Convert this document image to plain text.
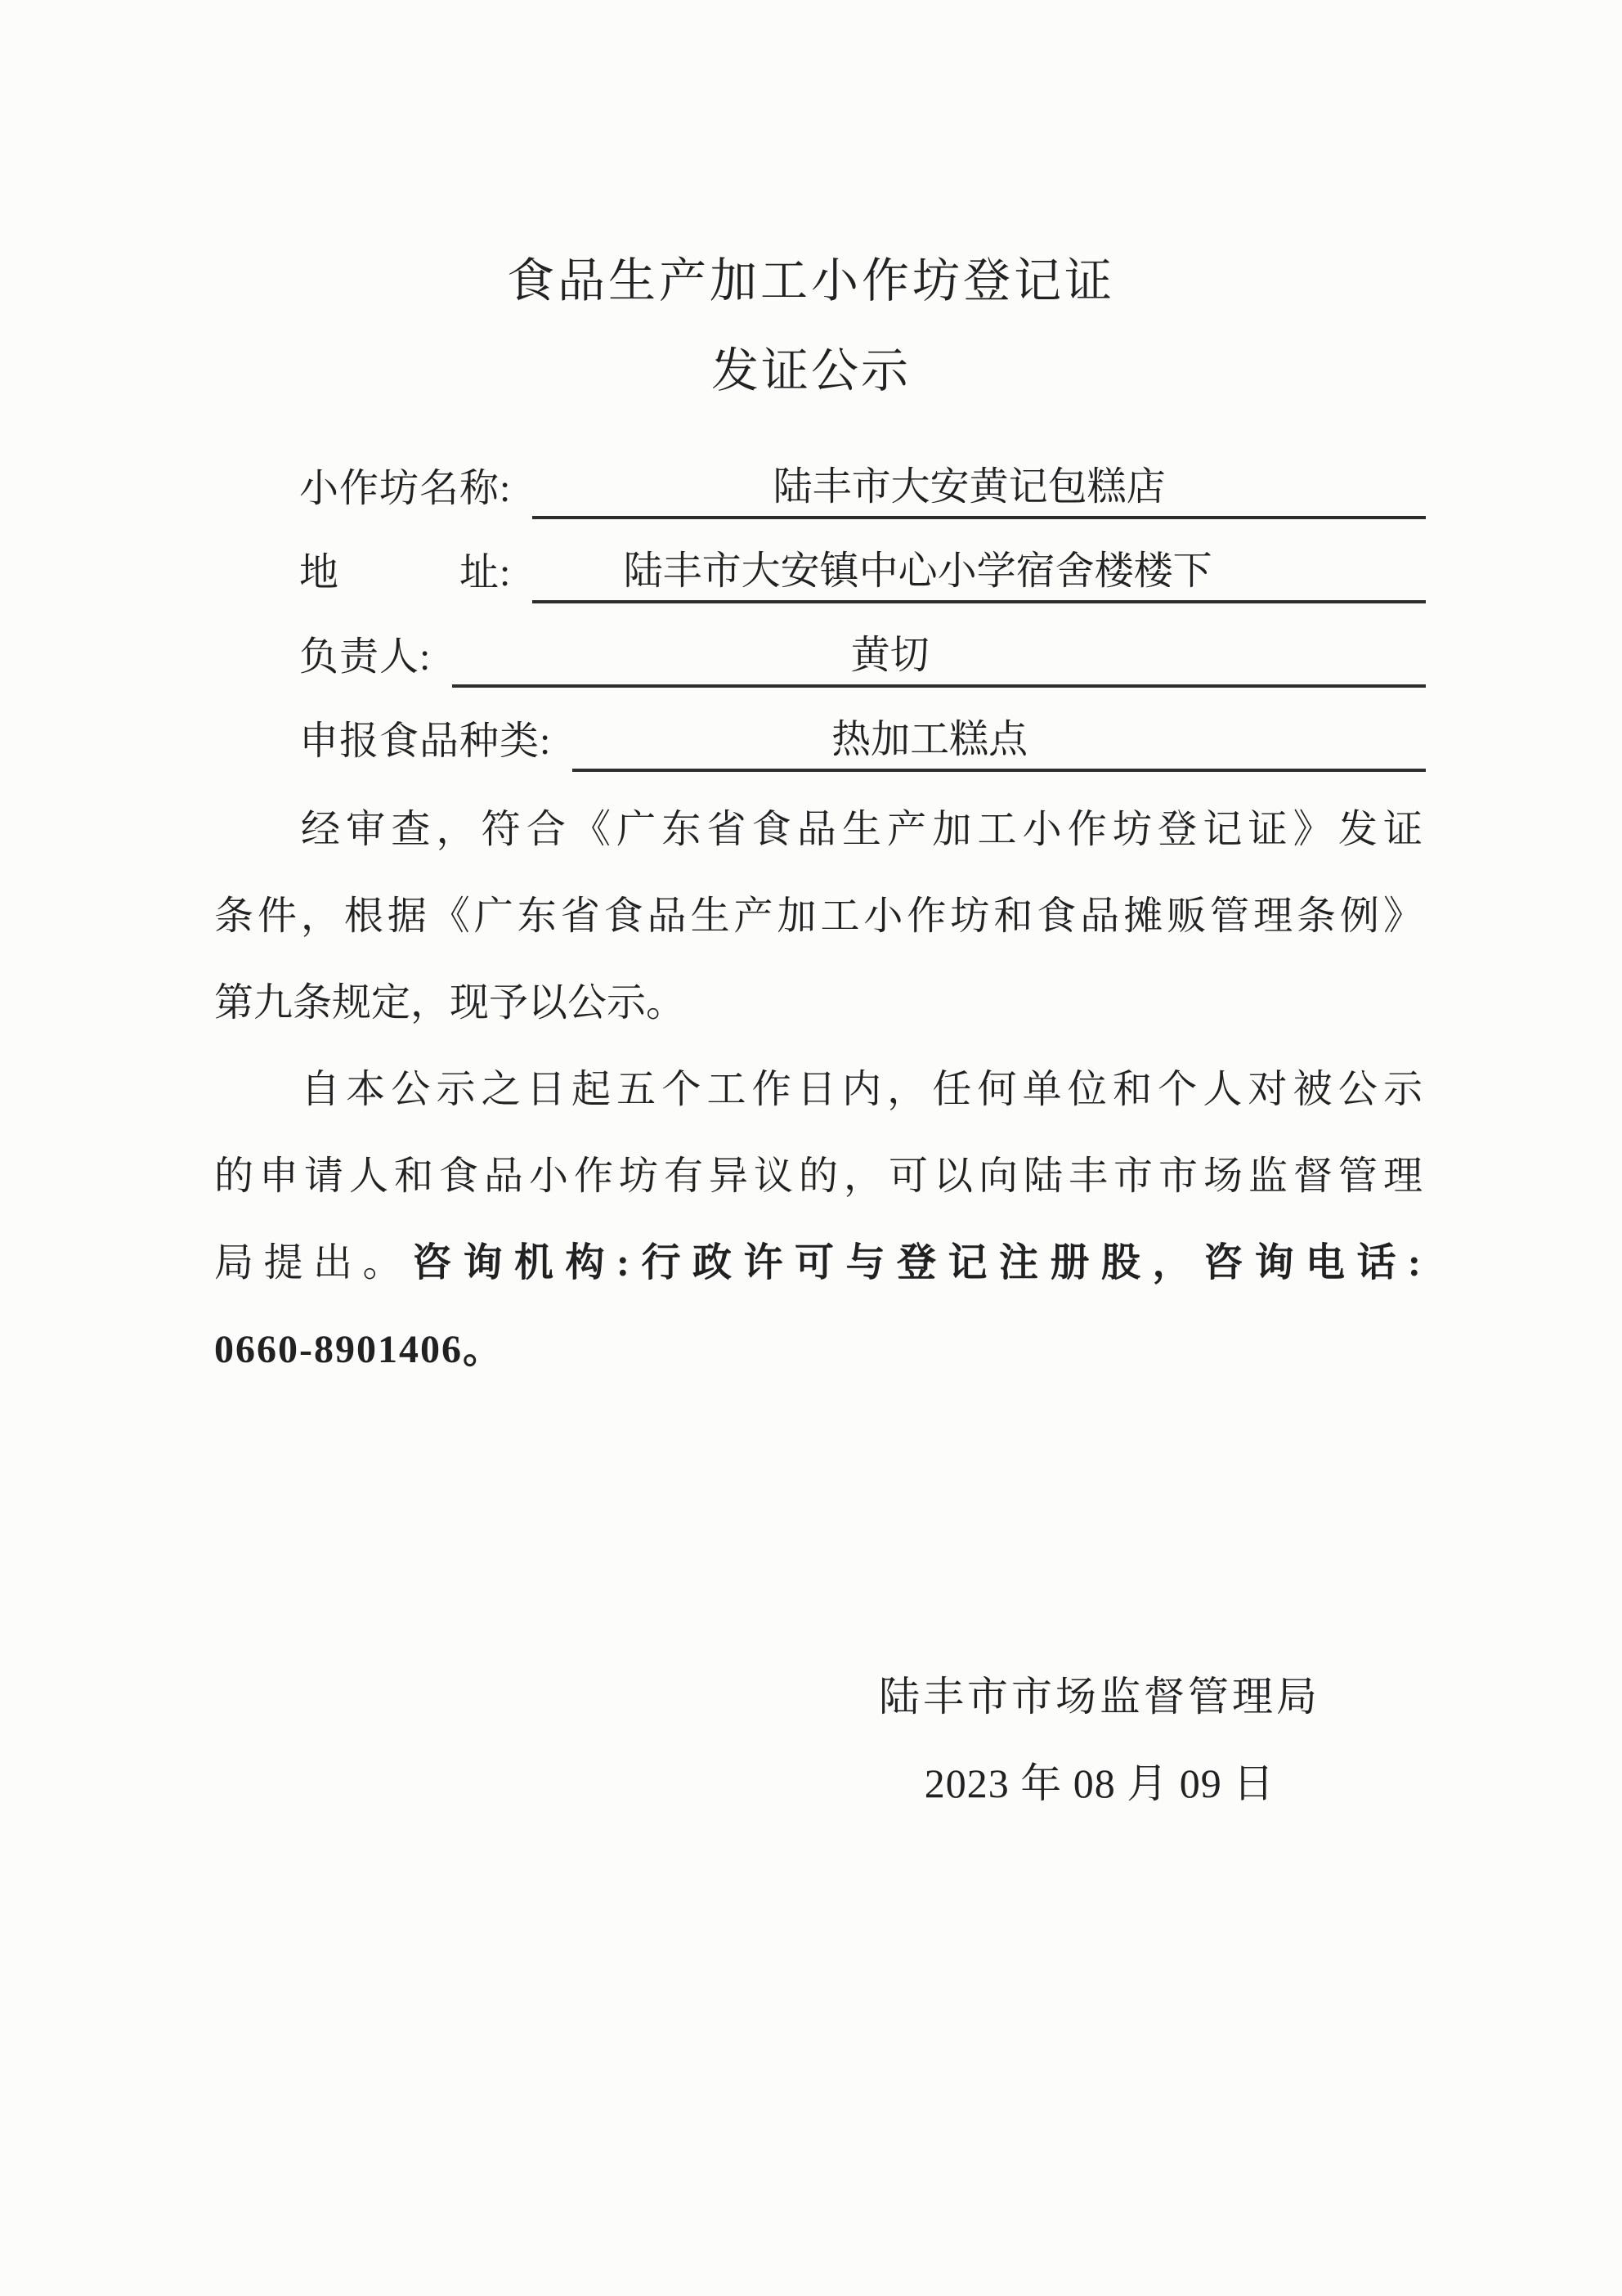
食品生产加工小作坊登记证
发证公示
小作坊名称:	陆丰市大安黄记包糕店
地　　　址:	陆丰市大安镇中心小学宿舍楼楼下
负责人:	黄切
申报食品种类:	热加工糕点
经审查，符合《广东省食品生产加工小作坊登记证》发证
条件，根据《广东省食品生产加工小作坊和食品摊贩管理条例》
第九条规定，现予以公示。
自本公示之日起五个工作日内，任何单位和个人对被公示
的申请人和食品小作坊有异议的，可以向陆丰市市场监督管理
局提出。咨询机构:行政许可与登记注册股，咨询电话:
0660-8901406。
陆丰市市场监督管理局
2023 年 08 月 09 日
